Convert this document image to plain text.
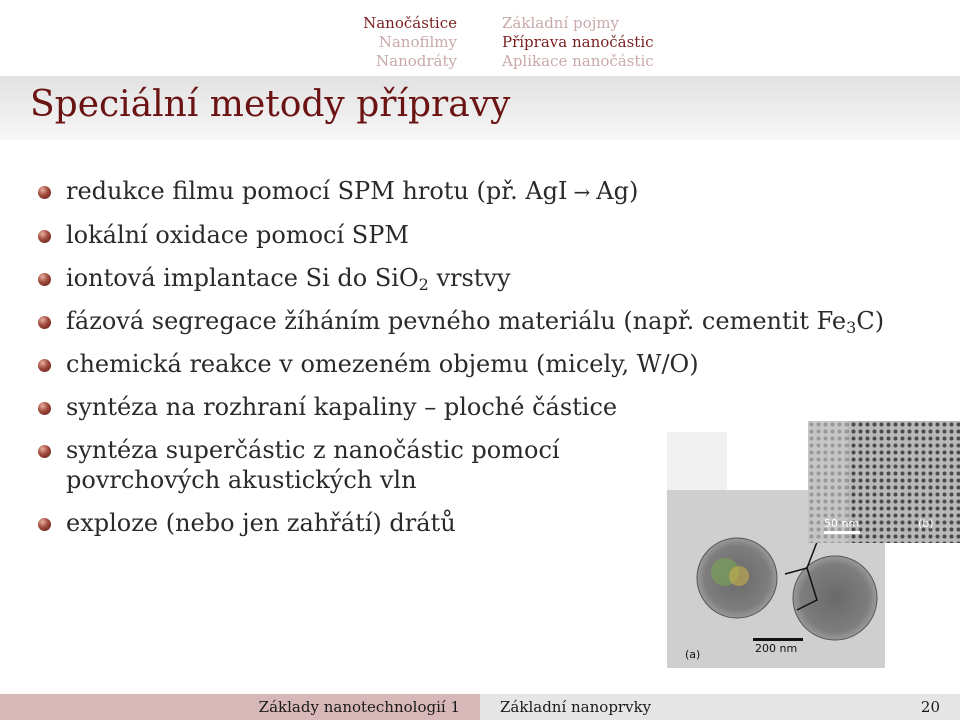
Nanočástice
Nanofilmy
Nanodráty
Základní pojmy
Příprava nanočástic
Aplikace nanočástic
Speciální metody přípravy
redukce filmu pomocí SPM hrotu (př. AgI → Ag)
lokální oxidace pomocí SPM
iontová implantace Si do SiO$_2$ vrstvy
fázová segregace žíháním pevného materiálu (např. cementit $Fe_3C$)
chemická reakce v omezeném objemu (micely, W/O)
syntéza na rozhraní kapaliny – ploché částice
syntéza superčástic z nanočástic pomocí
povrchových akustických vln
exploze (nebo jen zahřátí) drátů
200 nm
(a)
50 nm	(b)
Základy nanotechnologií 1	Základní nanoprvky	20
